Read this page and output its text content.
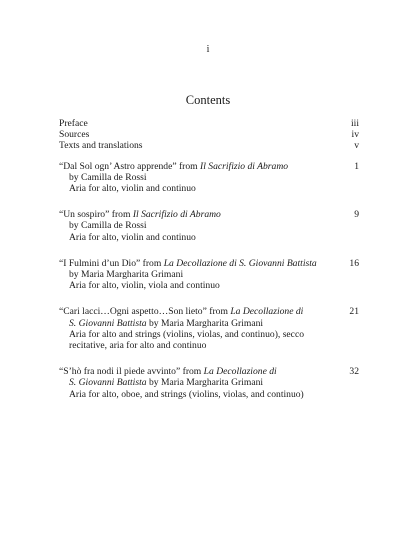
i
Contents
Preface	iii
Sources	iv
Texts and translations	v
“Dal Sol ogn’ Astro apprende” from Il Sacrifizio di Abramo	1
by Camilla de Rossi
Aria for alto, violin and continuo
“Un sospiro” from Il Sacrifizio di Abramo	9
by Camilla de Rossi
Aria for alto, violin and continuo
“I Fulmini d’un Dio” from La Decollazione di S. Giovanni Battista	16
by Maria Margharita Grimani
Aria for alto, violin, viola and continuo
“Cari lacci…Ogni aspetto…Son lieto” from La Decollazione di	21
S. Giovanni Battista by Maria Margharita Grimani
Aria for alto and strings (violins, violas, and continuo), secco
recitative, aria for alto and continuo
“S’hò fra nodi il piede avvinto” from La Decollazione di	32
S. Giovanni Battista by Maria Margharita Grimani
Aria for alto, oboe, and strings (violins, violas, and continuo)
